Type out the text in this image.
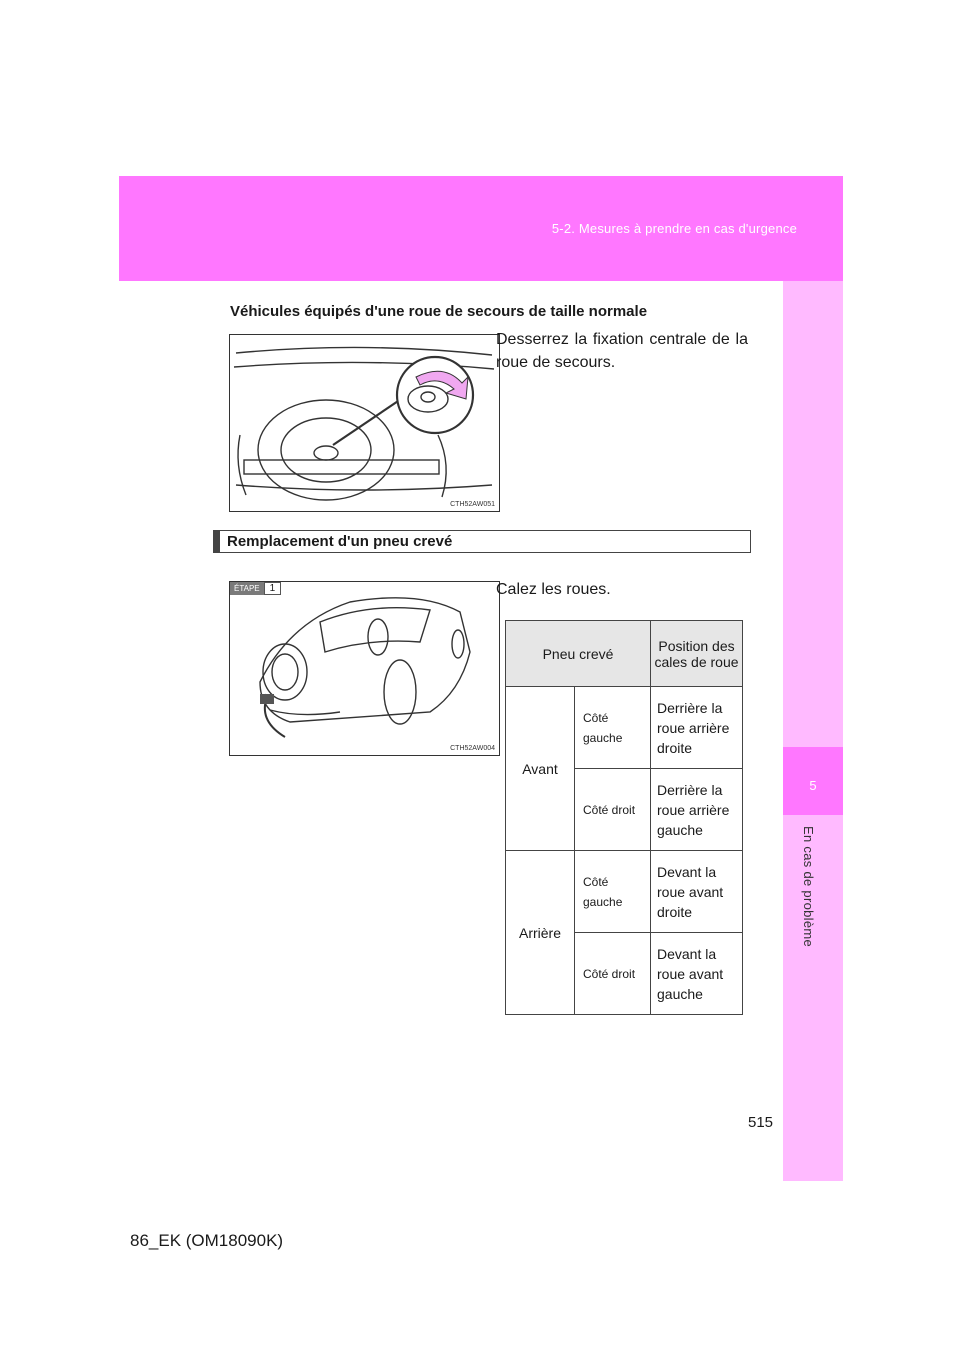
5-2. Mesures à prendre en cas d'urgence
5
En cas de problème
Véhicules équipés d'une roue de secours de taille normale
CTH52AW051
Desserrez la fixation centrale de la roue de secours.
Remplacement d'un pneu crevé
ÉTAPE	1
CTH52AW004
Calez les roues.
Pneu crevé		Position des cales de roue
Avant	Côté gauche	Derrière la roue arrière droite
	Côté droit	Derrière la roue arrière gauche
Arrière	Côté gauche	Devant la roue avant droite
	Côté droit	Devant la roue avant gauche
515
86_EK (OM18090K)
